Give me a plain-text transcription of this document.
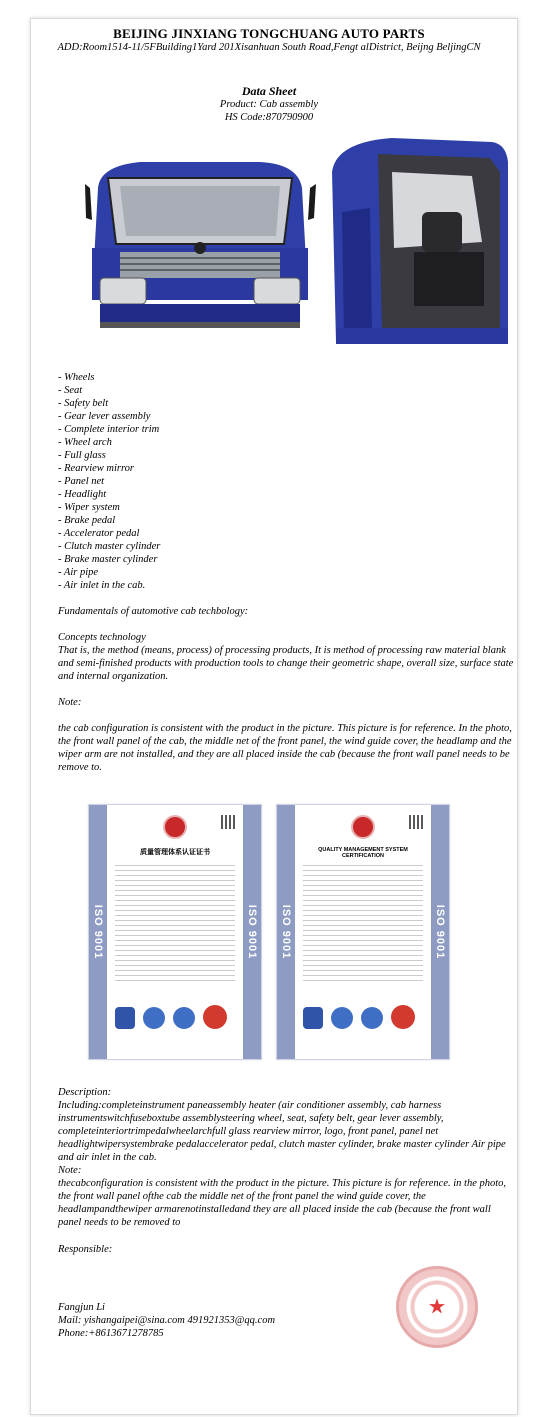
BEIJING JINXIANG TONGCHUANG AUTO PARTS
ADD:Room1514-11/5FBuilding1Yard 201Xisanhuan South Road,Fengt alDistrict, Beijng BeljingCN
Data Sheet
Product: Cab assembly
HS Code:870790900
- Wheels
- Seat
- Safety belt
- Gear lever assembly
- Complete interior trim
- Wheel arch
- Full glass
- Rearview mirror
- Panel net
- Headlight
- Wiper system
- Brake pedal
- Accelerator pedal
- Clutch master cylinder
- Brake master cylinder
- Air pipe
- Air inlet in the cab.
Fundamentals of automotive cab techbology:
Concepts technology
That is, the method (means, process) of processing products, It is method of processing raw material blank and semi-finished products with production tools to change their geometric shape, overall size, surface state and internal organization.
Note:
the cab configuration is consistent with the product in the picture. This picture is for reference. In the photo, the front wall panel of the cab, the middle net of the front panel, the wind guide cover, the headlamp and the wiper arm are not installed, and they are all placed inside the cab (because the front wall panel needs to be remove to.
ISO 9001	ISO 9001
质量管理体系认证证书
ISO 9001	ISO 9001
QUALITY MANAGEMENT SYSTEM CERTIFICATION
Description:
Including:completeinstrument paneassembly heater (air conditioner assembly, cab harness instrumentswitchfuseboxtube assemblysteering wheel, seat, safety belt, gear lever assembly, completeinteriortrimpedalwheelarchfull glass rearview mirror, logo, front panel, panel net headlightwipersystembrake pedalaccelerator pedal, clutch master cylinder, brake master cylinder Air pipe and air inlet in the cab.
Note:
thecabconfiguration is consistent with the product in the picture. This picture is for reference. in the photo, the front wall panel ofthe cab the middle net of the front panel the wind guide cover, the headlampandthewiper armarenotinstalledand they are all placed inside the cab (because the front wall panel needs to be removed to
Responsible:
Fangjun Li
Mail: yishangaipei@sina.com 491921353@qq.com
Phone:+8613671278785
★
